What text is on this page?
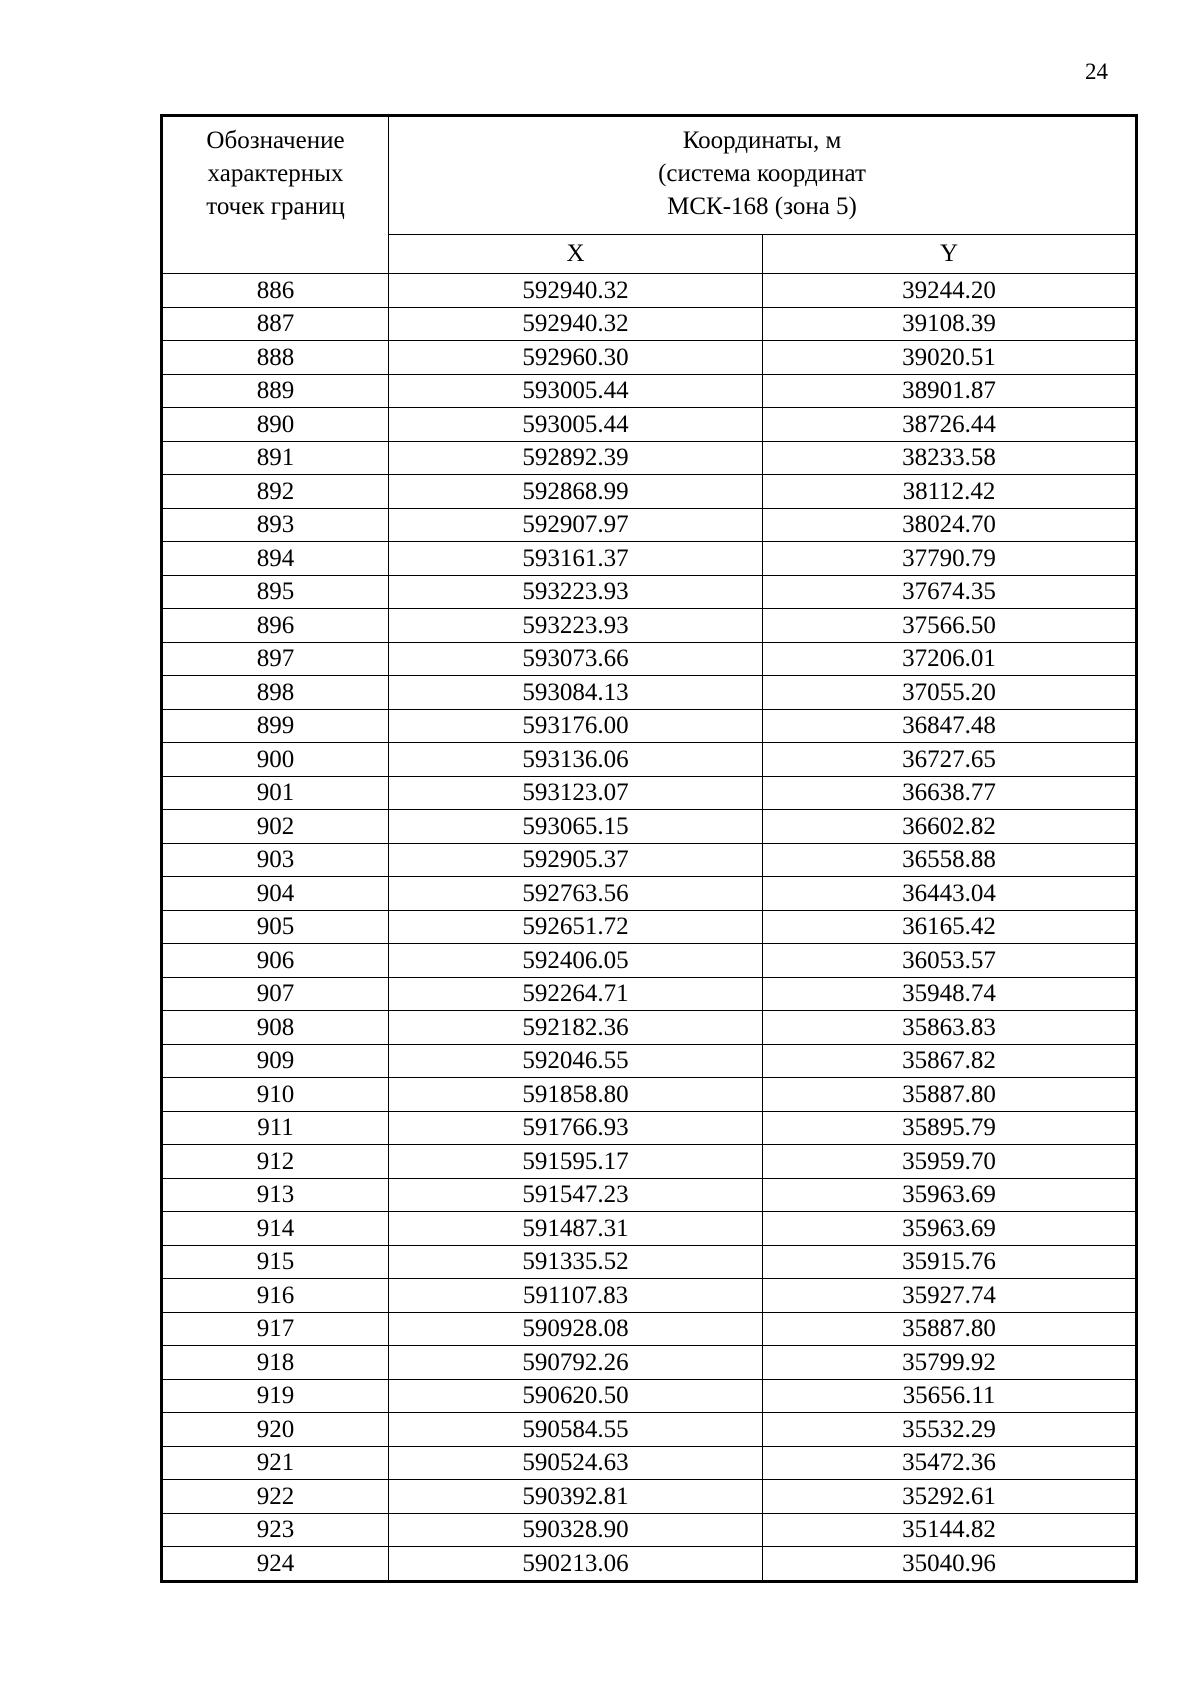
24
Обозначение
характерных
точек границ	Координаты, м
(система координат
МСК-168 (зона 5)	

	X	Y
886	592940.32	39244.20
887	592940.32	39108.39
888	592960.30	39020.51
889	593005.44	38901.87
890	593005.44	38726.44
891	592892.39	38233.58
892	592868.99	38112.42
893	592907.97	38024.70
894	593161.37	37790.79
895	593223.93	37674.35
896	593223.93	37566.50
897	593073.66	37206.01
898	593084.13	37055.20
899	593176.00	36847.48
900	593136.06	36727.65
901	593123.07	36638.77
902	593065.15	36602.82
903	592905.37	36558.88
904	592763.56	36443.04
905	592651.72	36165.42
906	592406.05	36053.57
907	592264.71	35948.74
908	592182.36	35863.83
909	592046.55	35867.82
910	591858.80	35887.80
911	591766.93	35895.79
912	591595.17	35959.70
913	591547.23	35963.69
914	591487.31	35963.69
915	591335.52	35915.76
916	591107.83	35927.74
917	590928.08	35887.80
918	590792.26	35799.92
919	590620.50	35656.11
920	590584.55	35532.29
921	590524.63	35472.36
922	590392.81	35292.61
923	590328.90	35144.82
924	590213.06	35040.96
